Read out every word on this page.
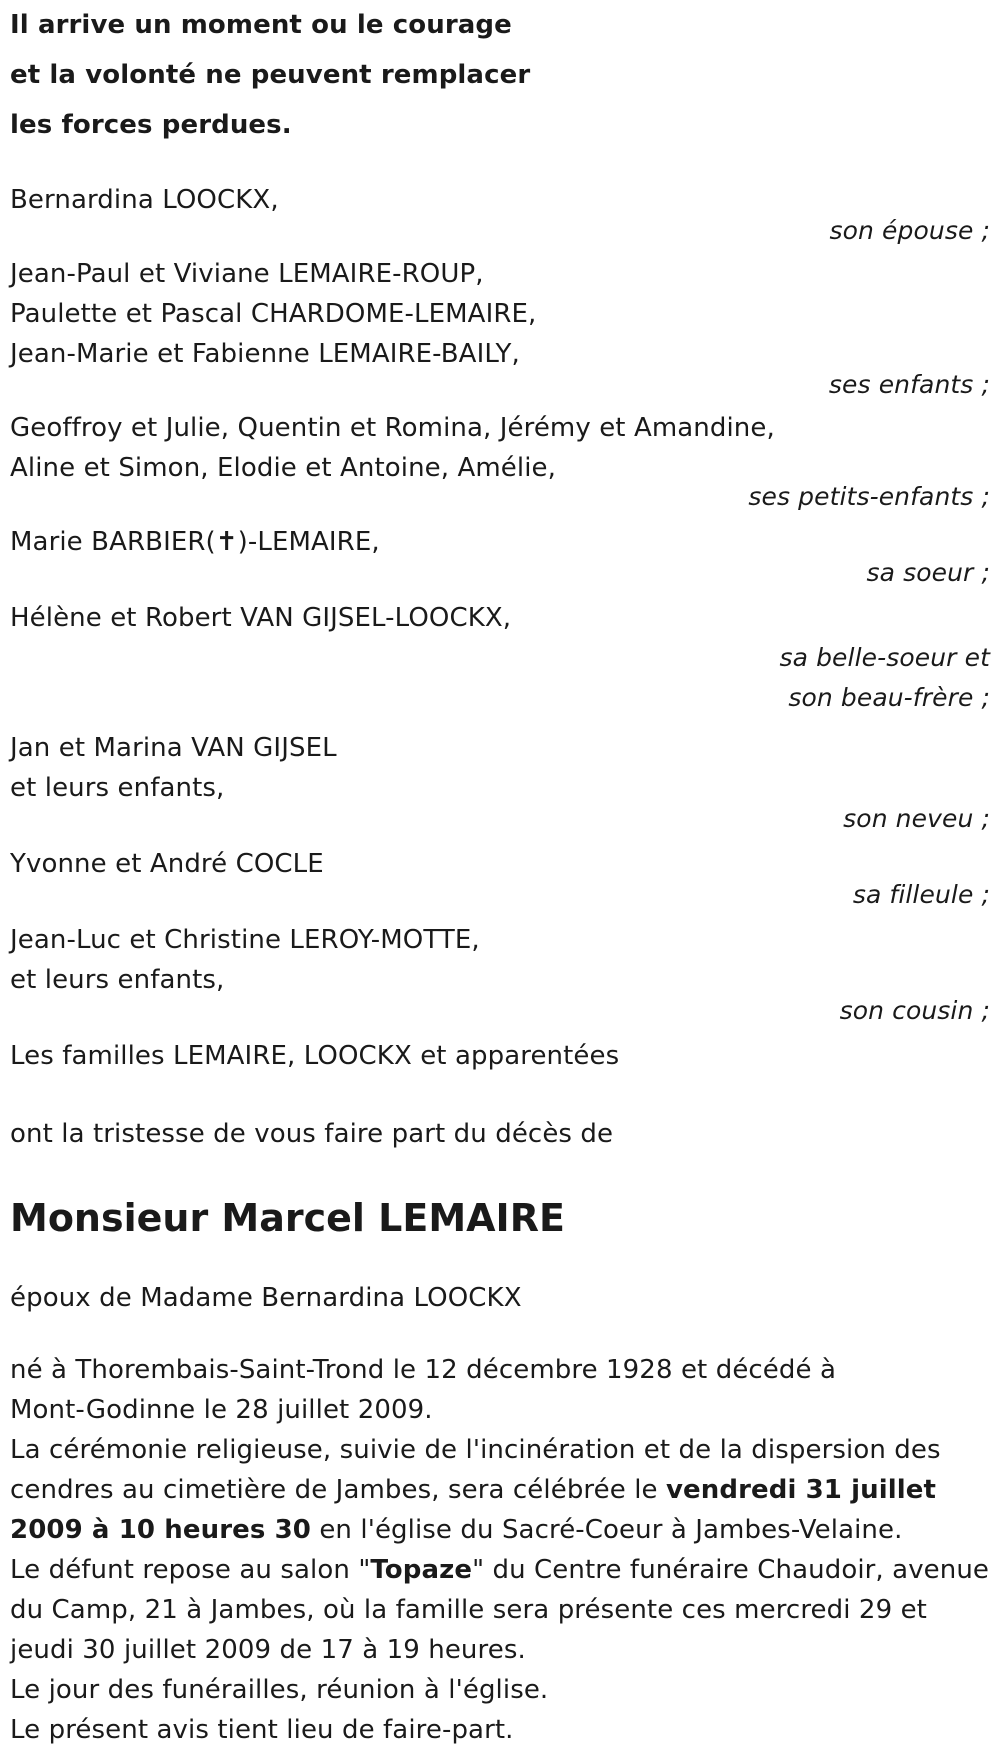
Il arrive un moment ou le courage
et la volonté ne peuvent remplacer
les forces perdues.
Bernardina LOOCKX,
son épouse ;
Jean-Paul et Viviane LEMAIRE-ROUP,
Paulette et Pascal CHARDOME-LEMAIRE,
Jean-Marie et Fabienne LEMAIRE-BAILY,
ses enfants ;
Geoffroy et Julie, Quentin et Romina, Jérémy et Amandine,
Aline et Simon, Elodie et Antoine, Amélie,
ses petits-enfants ;
Marie BARBIER(✝)-LEMAIRE,
sa soeur ;
Hélène et Robert VAN GIJSEL-LOOCKX,
sa belle-soeur et
son beau-frère ;
Jan et Marina VAN GIJSEL
et leurs enfants,
son neveu ;
Yvonne et André COCLE
sa filleule ;
Jean-Luc et Christine LEROY-MOTTE,
et leurs enfants,
son cousin ;
Les familles LEMAIRE, LOOCKX et apparentées
ont la tristesse de vous faire part du décès de
Monsieur Marcel LEMAIRE
époux de Madame Bernardina LOOCKX
né à Thorembais-Saint-Trond le 12 décembre 1928 et décédé à
Mont-Godinne le 28 juillet 2009.
La cérémonie religieuse, suivie de l'incinération et de la dispersion des
cendres au cimetière de Jambes, sera célébrée le vendredi 31 juillet
2009 à 10 heures 30 en l'église du Sacré-Coeur à Jambes-Velaine.
Le défunt repose au salon "Topaze" du Centre funéraire Chaudoir, avenue
du Camp, 21 à Jambes, où la famille sera présente ces mercredi 29 et
jeudi 30 juillet 2009 de 17 à 19 heures.
Le jour des funérailles, réunion à l'église.
Le présent avis tient lieu de faire-part.
